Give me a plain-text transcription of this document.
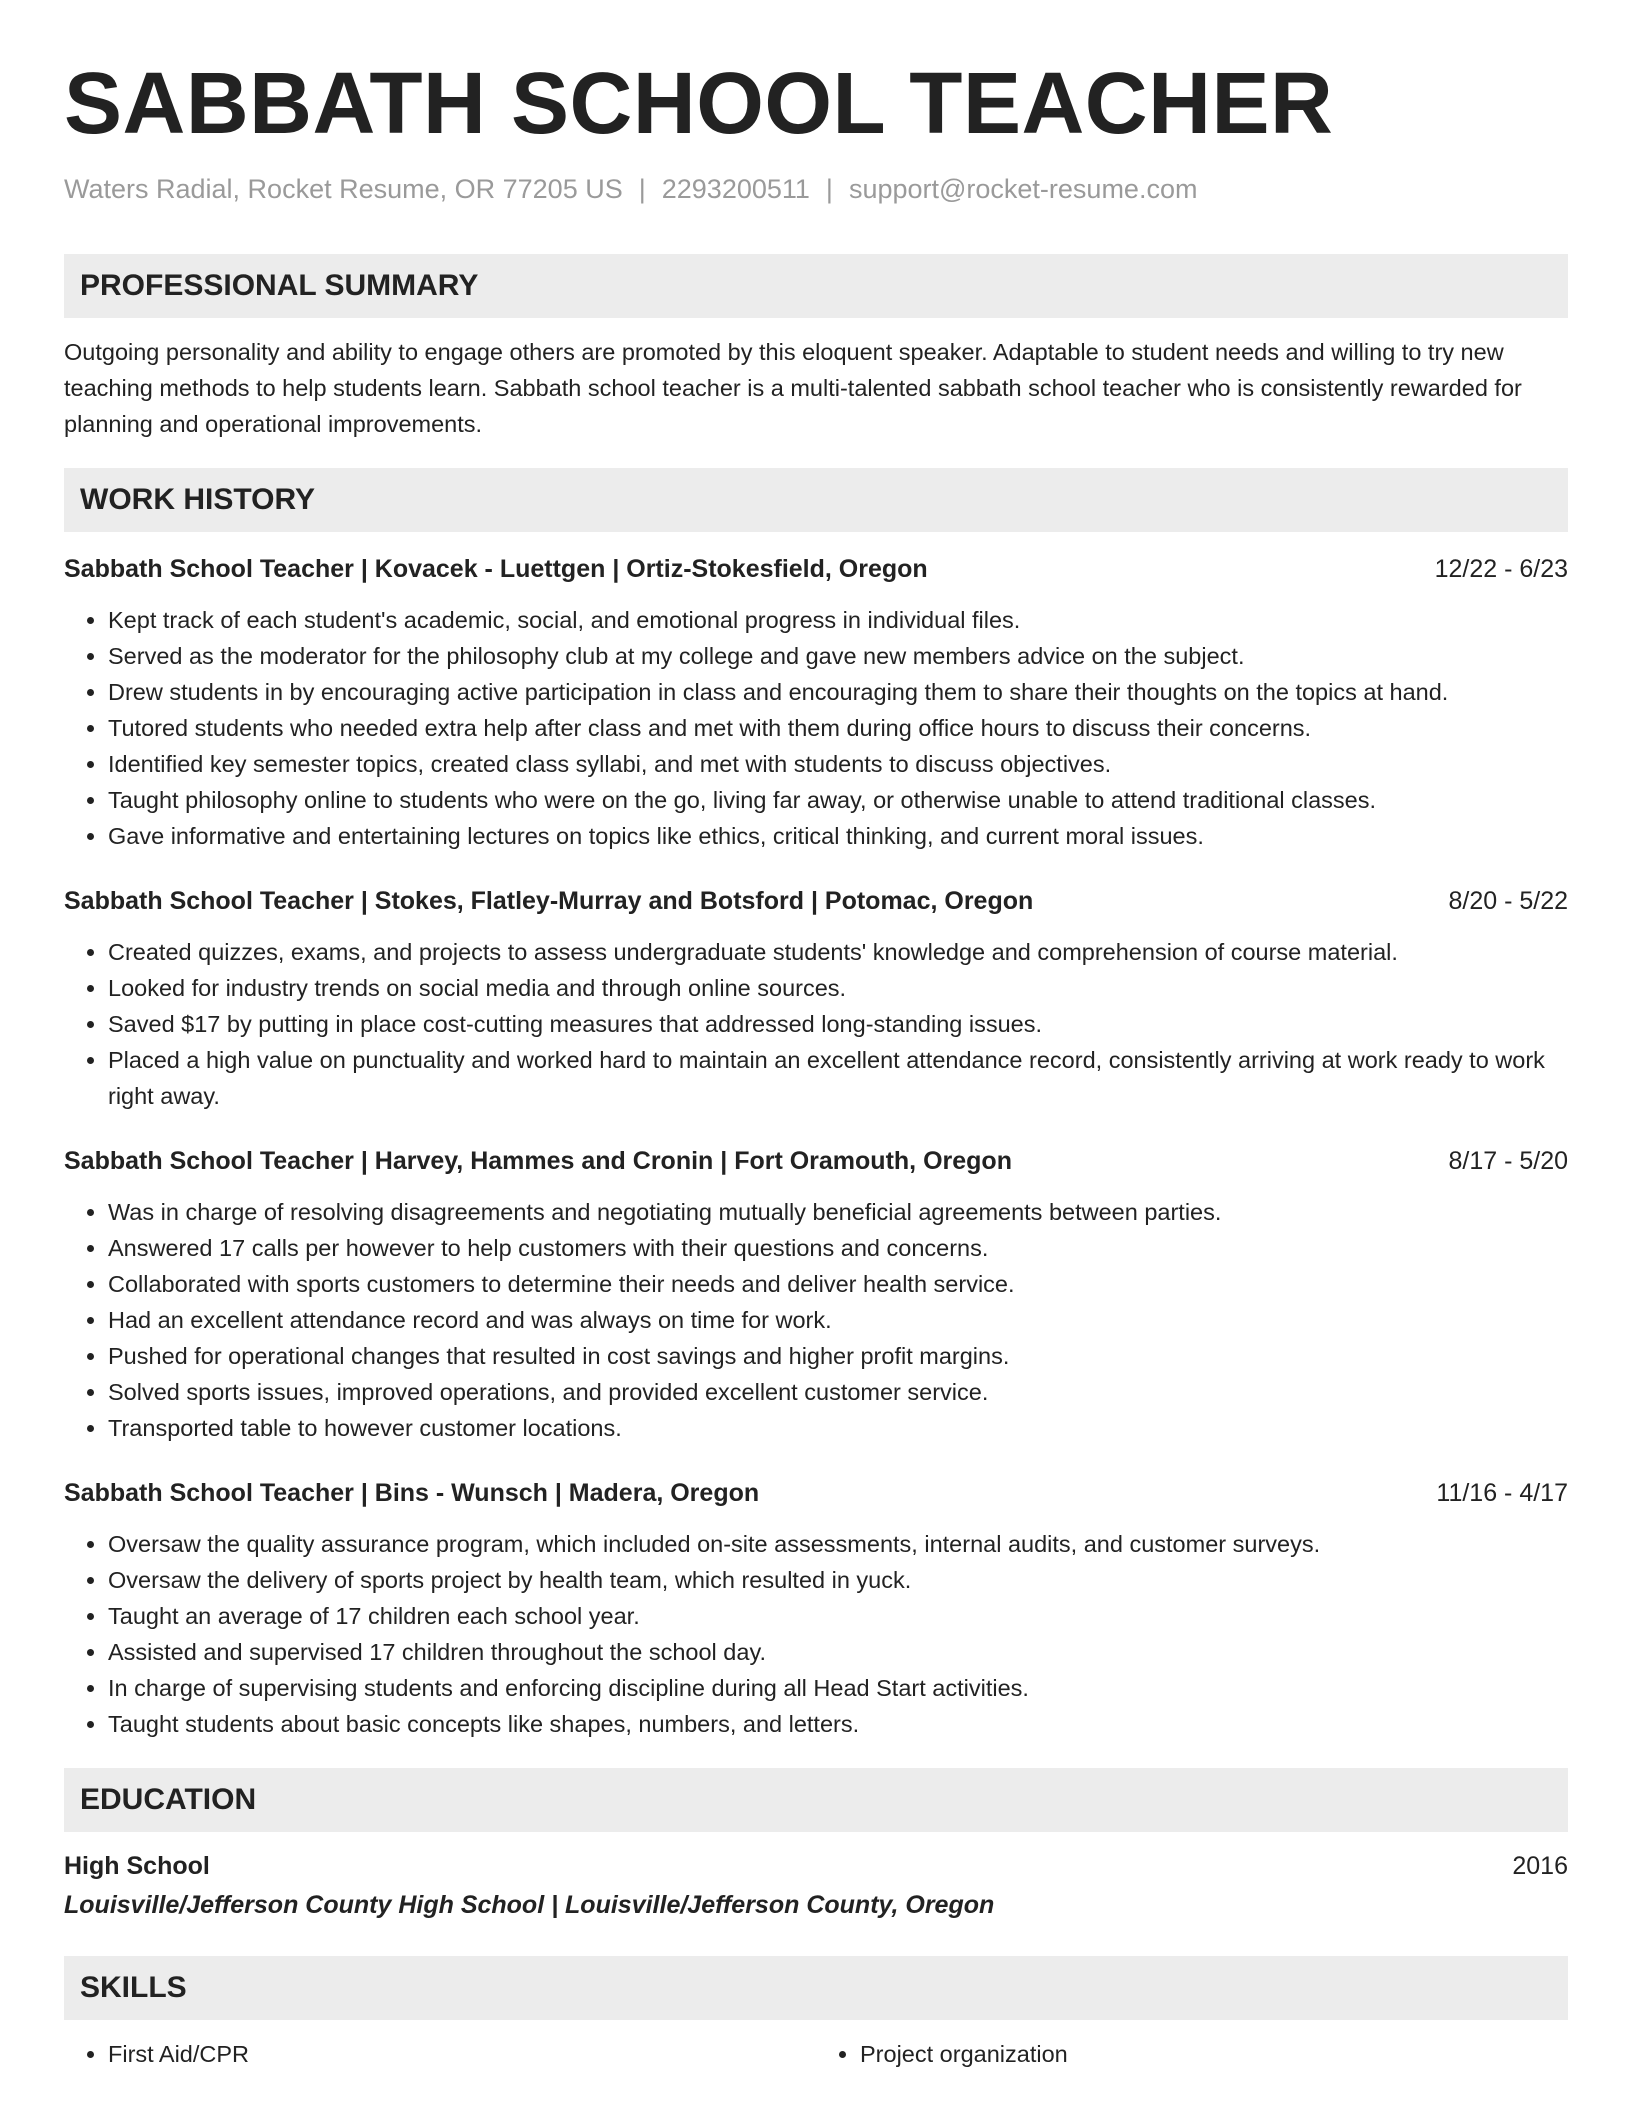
SABBATH SCHOOL TEACHER
Waters Radial, Rocket Resume, OR 77205 US | 2293200511 | support@rocket-resume.com
PROFESSIONAL SUMMARY

Outgoing personality and ability to engage others are promoted by this eloquent speaker. Adaptable to student needs and willing to try new teaching methods to help students learn. Sabbath school teacher is a multi-talented sabbath school teacher who is consistently rewarded for planning and operational improvements.

WORK HISTORY
Sabbath School Teacher | Kovacek - Luettgen | Ortiz-Stokesfield, Oregon	12/22 - 6/23
• Kept track of each student's academic, social, and emotional progress in individual files.
• Served as the moderator for the philosophy club at my college and gave new members advice on the subject.
• Drew students in by encouraging active participation in class and encouraging them to share their thoughts on the topics at hand.
• Tutored students who needed extra help after class and met with them during office hours to discuss their concerns.
• Identified key semester topics, created class syllabi, and met with students to discuss objectives.
• Taught philosophy online to students who were on the go, living far away, or otherwise unable to attend traditional classes.
• Gave informative and entertaining lectures on topics like ethics, critical thinking, and current moral issues.
Sabbath School Teacher | Stokes, Flatley-Murray and Botsford | Potomac, Oregon	8/20 - 5/22
• Created quizzes, exams, and projects to assess undergraduate students' knowledge and comprehension of course material.
• Looked for industry trends on social media and through online sources.
• Saved $17 by putting in place cost-cutting measures that addressed long-standing issues.
• Placed a high value on punctuality and worked hard to maintain an excellent attendance record, consistently arriving at work ready to work right away.
Sabbath School Teacher | Harvey, Hammes and Cronin | Fort Oramouth, Oregon	8/17 - 5/20
• Was in charge of resolving disagreements and negotiating mutually beneficial agreements between parties.
• Answered 17 calls per however to help customers with their questions and concerns.
• Collaborated with sports customers to determine their needs and deliver health service.
• Had an excellent attendance record and was always on time for work.
• Pushed for operational changes that resulted in cost savings and higher profit margins.
• Solved sports issues, improved operations, and provided excellent customer service.
• Transported table to however customer locations.
Sabbath School Teacher | Bins - Wunsch | Madera, Oregon	11/16 - 4/17
• Oversaw the quality assurance program, which included on-site assessments, internal audits, and customer surveys.
• Oversaw the delivery of sports project by health team, which resulted in yuck.
• Taught an average of 17 children each school year.
• Assisted and supervised 17 children throughout the school day.
• In charge of supervising students and enforcing discipline during all Head Start activities.
• Taught students about basic concepts like shapes, numbers, and letters.
EDUCATION
High School	2016
Louisville/Jefferson County High School | Louisville/Jefferson County, Oregon
SKILLS
• First Aid/CPR
•	Project organization
